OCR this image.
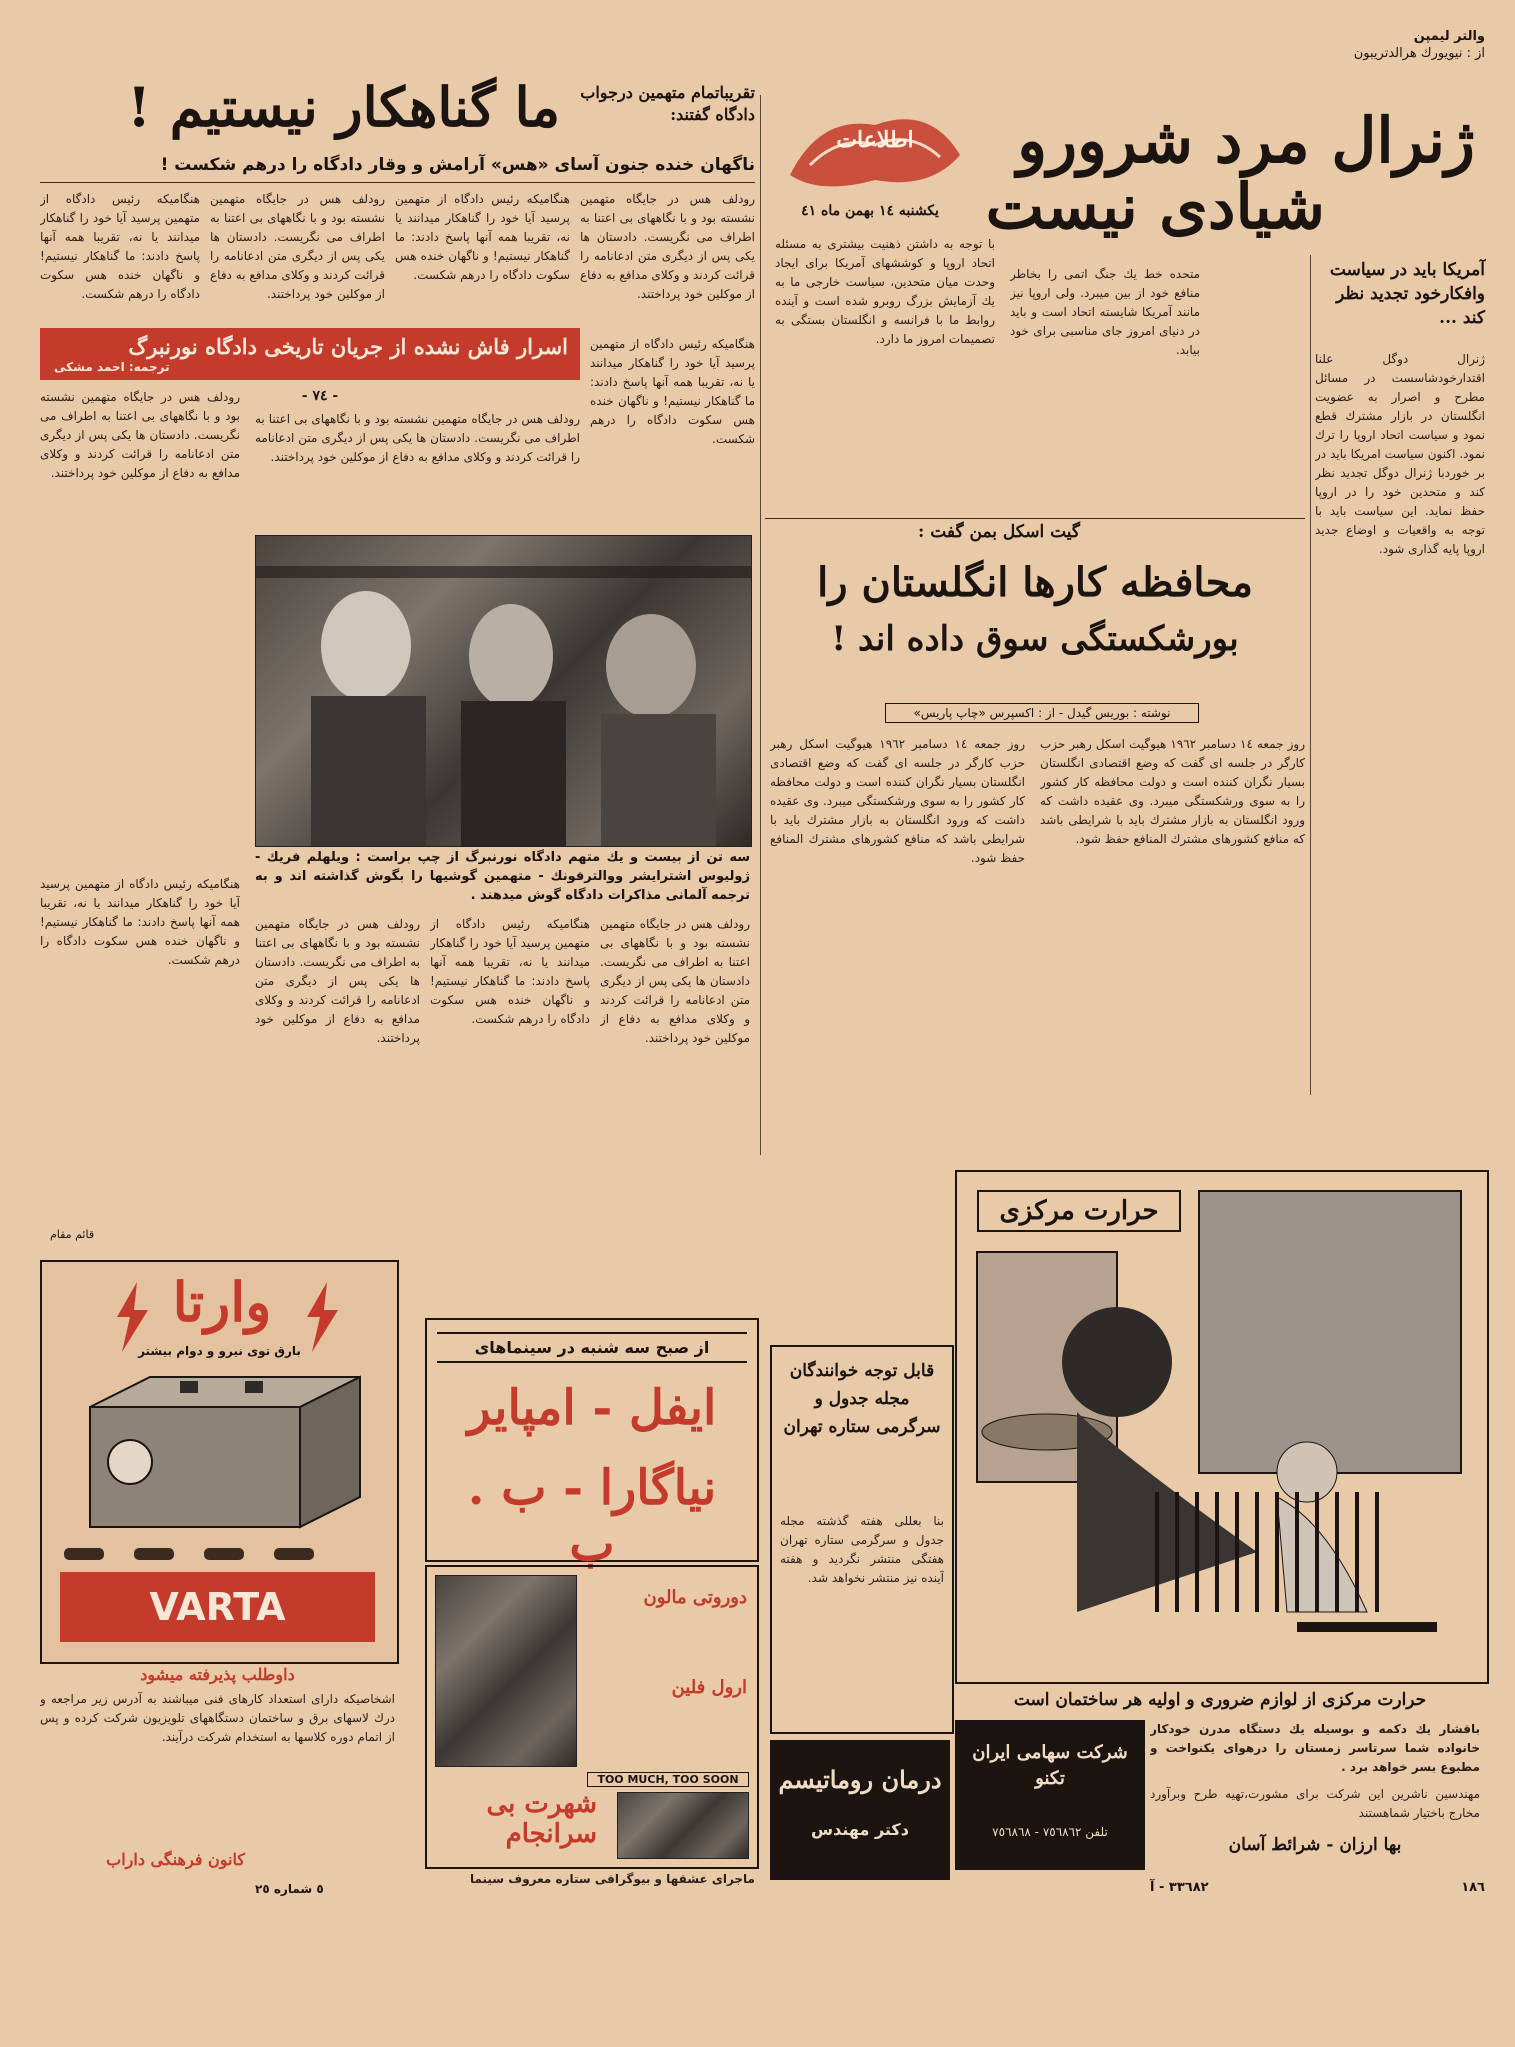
والتر ليمپن
از : نيويورك هرالدتريبون
ژنرال مرد شرورو
شيادى نيست
اطلاعات
يكشنبه ١٤ بهمن ماه ٤١
آمريكا بايد در سياست وافكارخود تجديد نظر كند ...
ژنرال دوگل علنا اقتدارخودشاسست در مسائل مطرح و اصرار به عضويت انگلستان در بازار مشترك قطع نمود و سياست اتحاد اروپا را ترك نمود. اكنون سياست امريكا بايد در بر خوردبا ژنرال دوگل تجديد نظر كند و متحدين خود را در اروپا حفظ نمايد. اين سياست بايد با توجه به واقعيات و اوضاع جديد اروپا پايه گذارى شود.
متحده خط يك جنگ اتمى را بخاطر منافع خود از بين ميبرد. ولى اروپا نيز مانند آمريكا شايسته اتحاد است و بايد در دنياى امروز جاى مناسبى براى خود بيابد.
با توجه به داشتن ذهنيت بيشترى به مسئله اتحاد اروپا و كوششهاى آمريكا براى ايجاد وحدت ميان متحدين، سياست خارجى ما به يك آزمايش بزرگ روبرو شده است و آينده روابط ما با فرانسه و انگلستان بستگى به تصميمات امروز ما دارد.
گيت اسكل بمن گفت :
محافظه كارها انگلستان را
بورشكستگى سوق داده اند !
نوشته : بوريس گيدل - از : اكسپرس «چاپ پاريس»
روز جمعه ١٤ دسامبر ١٩٦٢ هيوگيت اسكل رهبر حزب كارگر در جلسه اى گفت كه وضع اقتصادى انگلستان بسيار نگران كننده است و دولت محافظه كار كشور را به سوى ورشكستگى ميبرد. وى عقيده داشت كه ورود انگلستان به بازار مشترك بايد با شرايطى باشد كه منافع كشورهاى مشترك المنافع حفظ شود.
روز جمعه ١٤ دسامبر ١٩٦٢ هيوگيت اسكل رهبر حزب كارگر در جلسه اى گفت كه وضع اقتصادى انگلستان بسيار نگران كننده است و دولت محافظه كار كشور را به سوى ورشكستگى ميبرد. وى عقيده داشت كه ورود انگلستان به بازار مشترك بايد با شرايطى باشد كه منافع كشورهاى مشترك المنافع حفظ شود.
تقريباتمام متهمين درجواب دادگاه گفتند:
ما گناهكار نيستيم !
ناگهان خنده جنون آساى «هس» آرامش و وقار دادگاه را درهم شكست !
رودلف هس در جايگاه متهمين نشسته بود و با نگاههاى بى اعتنا به اطراف مى نگريست. دادستان ها يكى پس از ديگرى متن ادعانامه را قرائت كردند و وكلاى مدافع به دفاع از موكلين خود پرداختند.
هنگاميكه رئيس دادگاه از متهمين پرسيد آيا خود را گناهكار ميدانند يا نه، تقريبا همه آنها پاسخ دادند: ما گناهكار نيستيم! و ناگهان خنده هس سكوت دادگاه را درهم شكست.
رودلف هس در جايگاه متهمين نشسته بود و با نگاههاى بى اعتنا به اطراف مى نگريست. دادستان ها يكى پس از ديگرى متن ادعانامه را قرائت كردند و وكلاى مدافع به دفاع از موكلين خود پرداختند.
هنگاميكه رئيس دادگاه از متهمين پرسيد آيا خود را گناهكار ميدانند يا نه، تقريبا همه آنها پاسخ دادند: ما گناهكار نيستيم! و ناگهان خنده هس سكوت دادگاه را درهم شكست.
اسرار فاش نشده از جريان تاريخى دادگاه نورنبرگ
ترجمه: احمد مشكى
هنگاميكه رئيس دادگاه از متهمين پرسيد آيا خود را گناهكار ميدانند يا نه، تقريبا همه آنها پاسخ دادند: ما گناهكار نيستيم! و ناگهان خنده هس سكوت دادگاه را درهم شكست.
- ٧٤ -
رودلف هس در جايگاه متهمين نشسته بود و با نگاههاى بى اعتنا به اطراف مى نگريست. دادستان ها يكى پس از ديگرى متن ادعانامه را قرائت كردند و وكلاى مدافع به دفاع از موكلين خود پرداختند.
رودلف هس در جايگاه متهمين نشسته بود و با نگاههاى بى اعتنا به اطراف مى نگريست. دادستان ها يكى پس از ديگرى متن ادعانامه را قرائت كردند و وكلاى مدافع به دفاع از موكلين خود پرداختند.
سه تن از بيست و يك متهم دادگاه نورنبرگ از چپ براست : ويلهلم فريك - ژوليوس اشترايشر ووالترفونك - متهمين گوشيها را بگوش گذاشته اند و به ترجمه آلمانى مذاكرات دادگاه گوش ميدهند .
هنگاميكه رئيس دادگاه از متهمين پرسيد آيا خود را گناهكار ميدانند يا نه، تقريبا همه آنها پاسخ دادند: ما گناهكار نيستيم! و ناگهان خنده هس سكوت دادگاه را درهم شكست.
رودلف هس در جايگاه متهمين نشسته بود و با نگاههاى بى اعتنا به اطراف مى نگريست. دادستان ها يكى پس از ديگرى متن ادعانامه را قرائت كردند و وكلاى مدافع به دفاع از موكلين خود پرداختند.
هنگاميكه رئيس دادگاه از متهمين پرسيد آيا خود را گناهكار ميدانند يا نه، تقريبا همه آنها پاسخ دادند: ما گناهكار نيستيم! و ناگهان خنده هس سكوت دادگاه را درهم شكست.
رودلف هس در جايگاه متهمين نشسته بود و با نگاههاى بى اعتنا به اطراف مى نگريست. دادستان ها يكى پس از ديگرى متن ادعانامه را قرائت كردند و وكلاى مدافع به دفاع از موكلين خود پرداختند.
قائم مقام
وارتا
بارق توى نيرو و دوام بيشتر
VARTA
داوطلب پذيرفته ميشود
اشخاصيكه داراى استعداد كارهاى فنى ميباشند به آدرس زير مراجعه و درك لاسهاى برق و ساختمان دستگاههاى تلويزيون شركت كرده و پس از اتمام دوره كلاسها به استخدام شركت درآيند.
كانون فرهنگى داراب
٥ شماره ٢٥
از صبح سه شنبه در سينماهاى
ايفل - امپاير
نياگارا - ب . ب
دوروتى مالون
ارول فلين
TOO MUCH, TOO SOON
شهرت بى سرانجام
ماجراى عشقها و بيوگرافى ستاره معروف سينما
قابل توجه خوانندگان مجله جدول و سرگرمى ستاره تهران
بنا بعللى هفته گذشته مجله جدول و سرگرمى ستاره تهران هفتگى منتشر نگرديد و هفته آينده نيز منتشر نخواهد شد.
درمان روماتيسم
دكتر مهندس
حرارت مركزى
حرارت مركزى از لوازم ضرورى و اوليه هر ساختمان است
باقشار يك دكمه و بوسيله يك دستگاه مدرن خودكار خانواده شما سرتاسر زمستان را درهواى يكنواخت و مطبوع بسر خواهد برد .
مهندسين ناشرين اين شركت براى مشورت،تهيه طرح وبرآورد مخارج باختيار شماهستند
بها ارزان - شرائط آسان
شركت سهامى ايران تكنو
تلفن ٧٥٦٨٦٢ - ٧٥٦٨٦٨
١٨٦
٣٣٦٨٢ - آ
